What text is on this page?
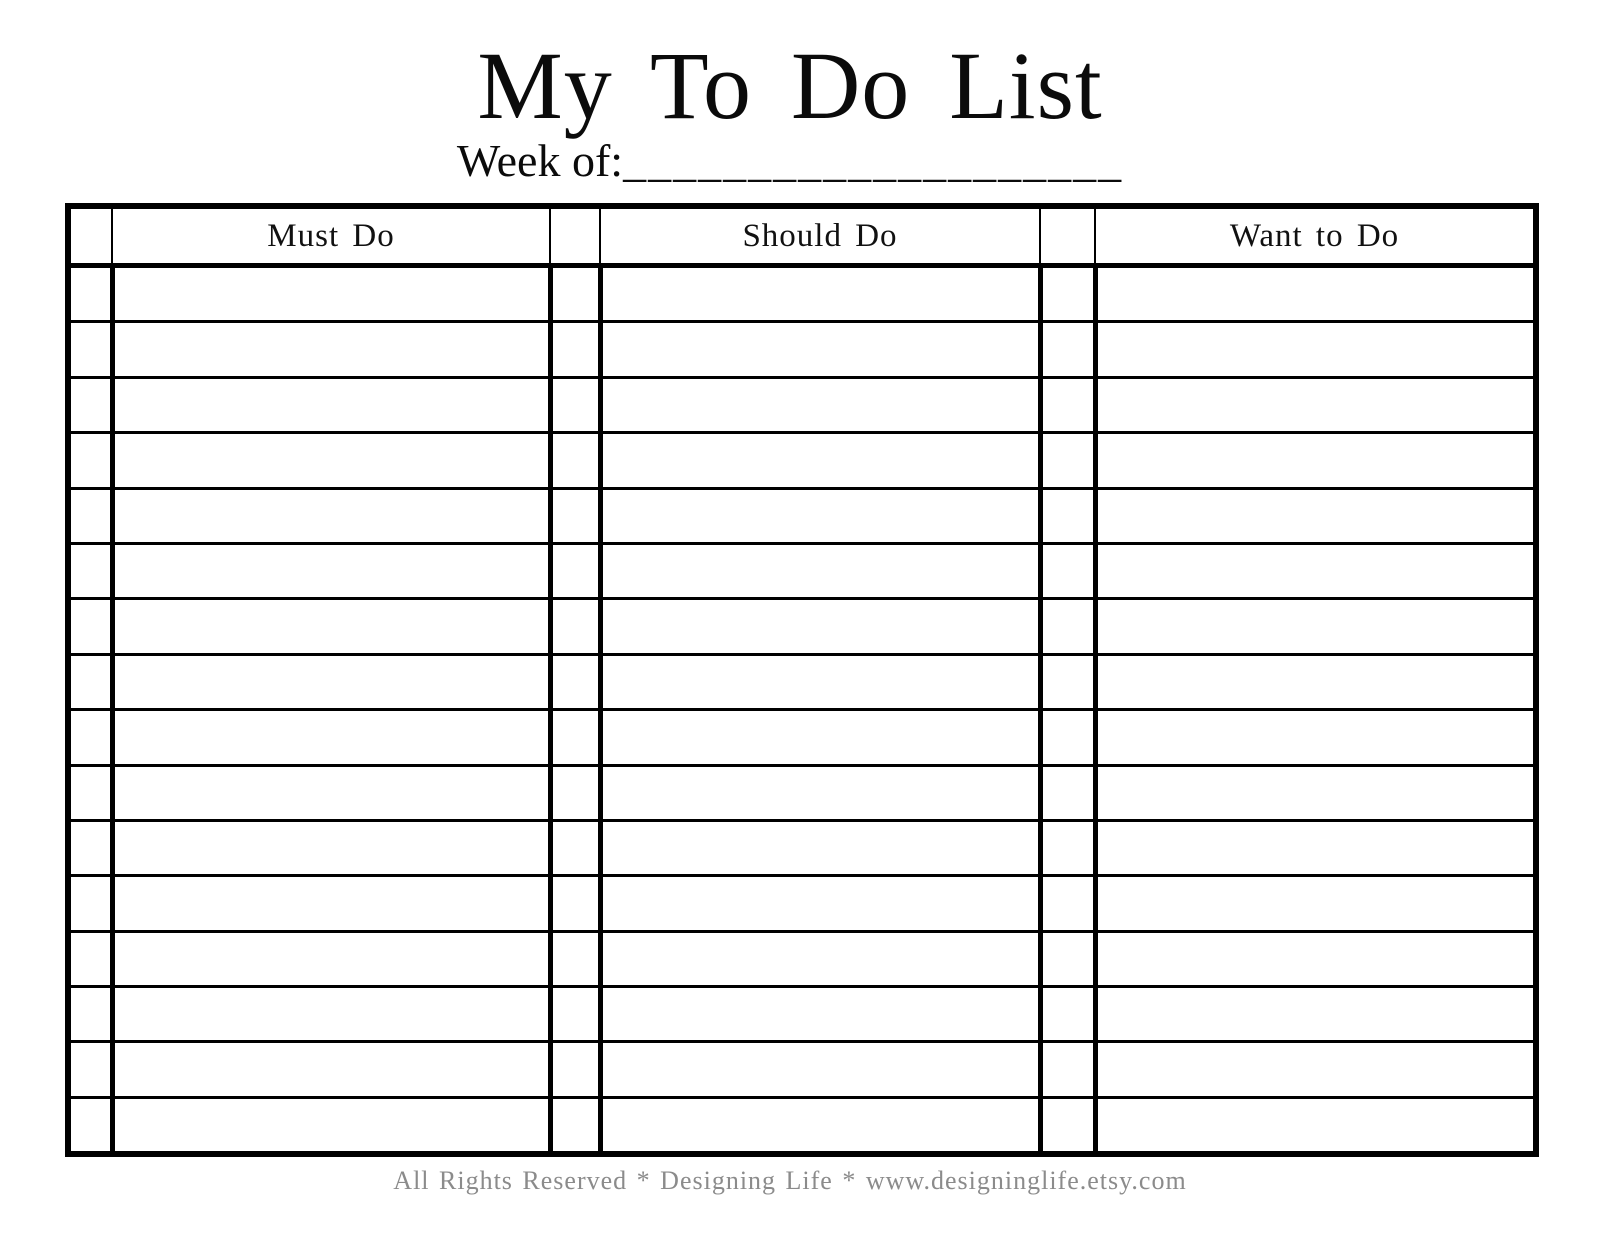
My To Do List
Week of:____________________
	Must Do		Should Do		Want to Do

All Rights Reserved * Designing Life * www.designinglife.etsy.com
